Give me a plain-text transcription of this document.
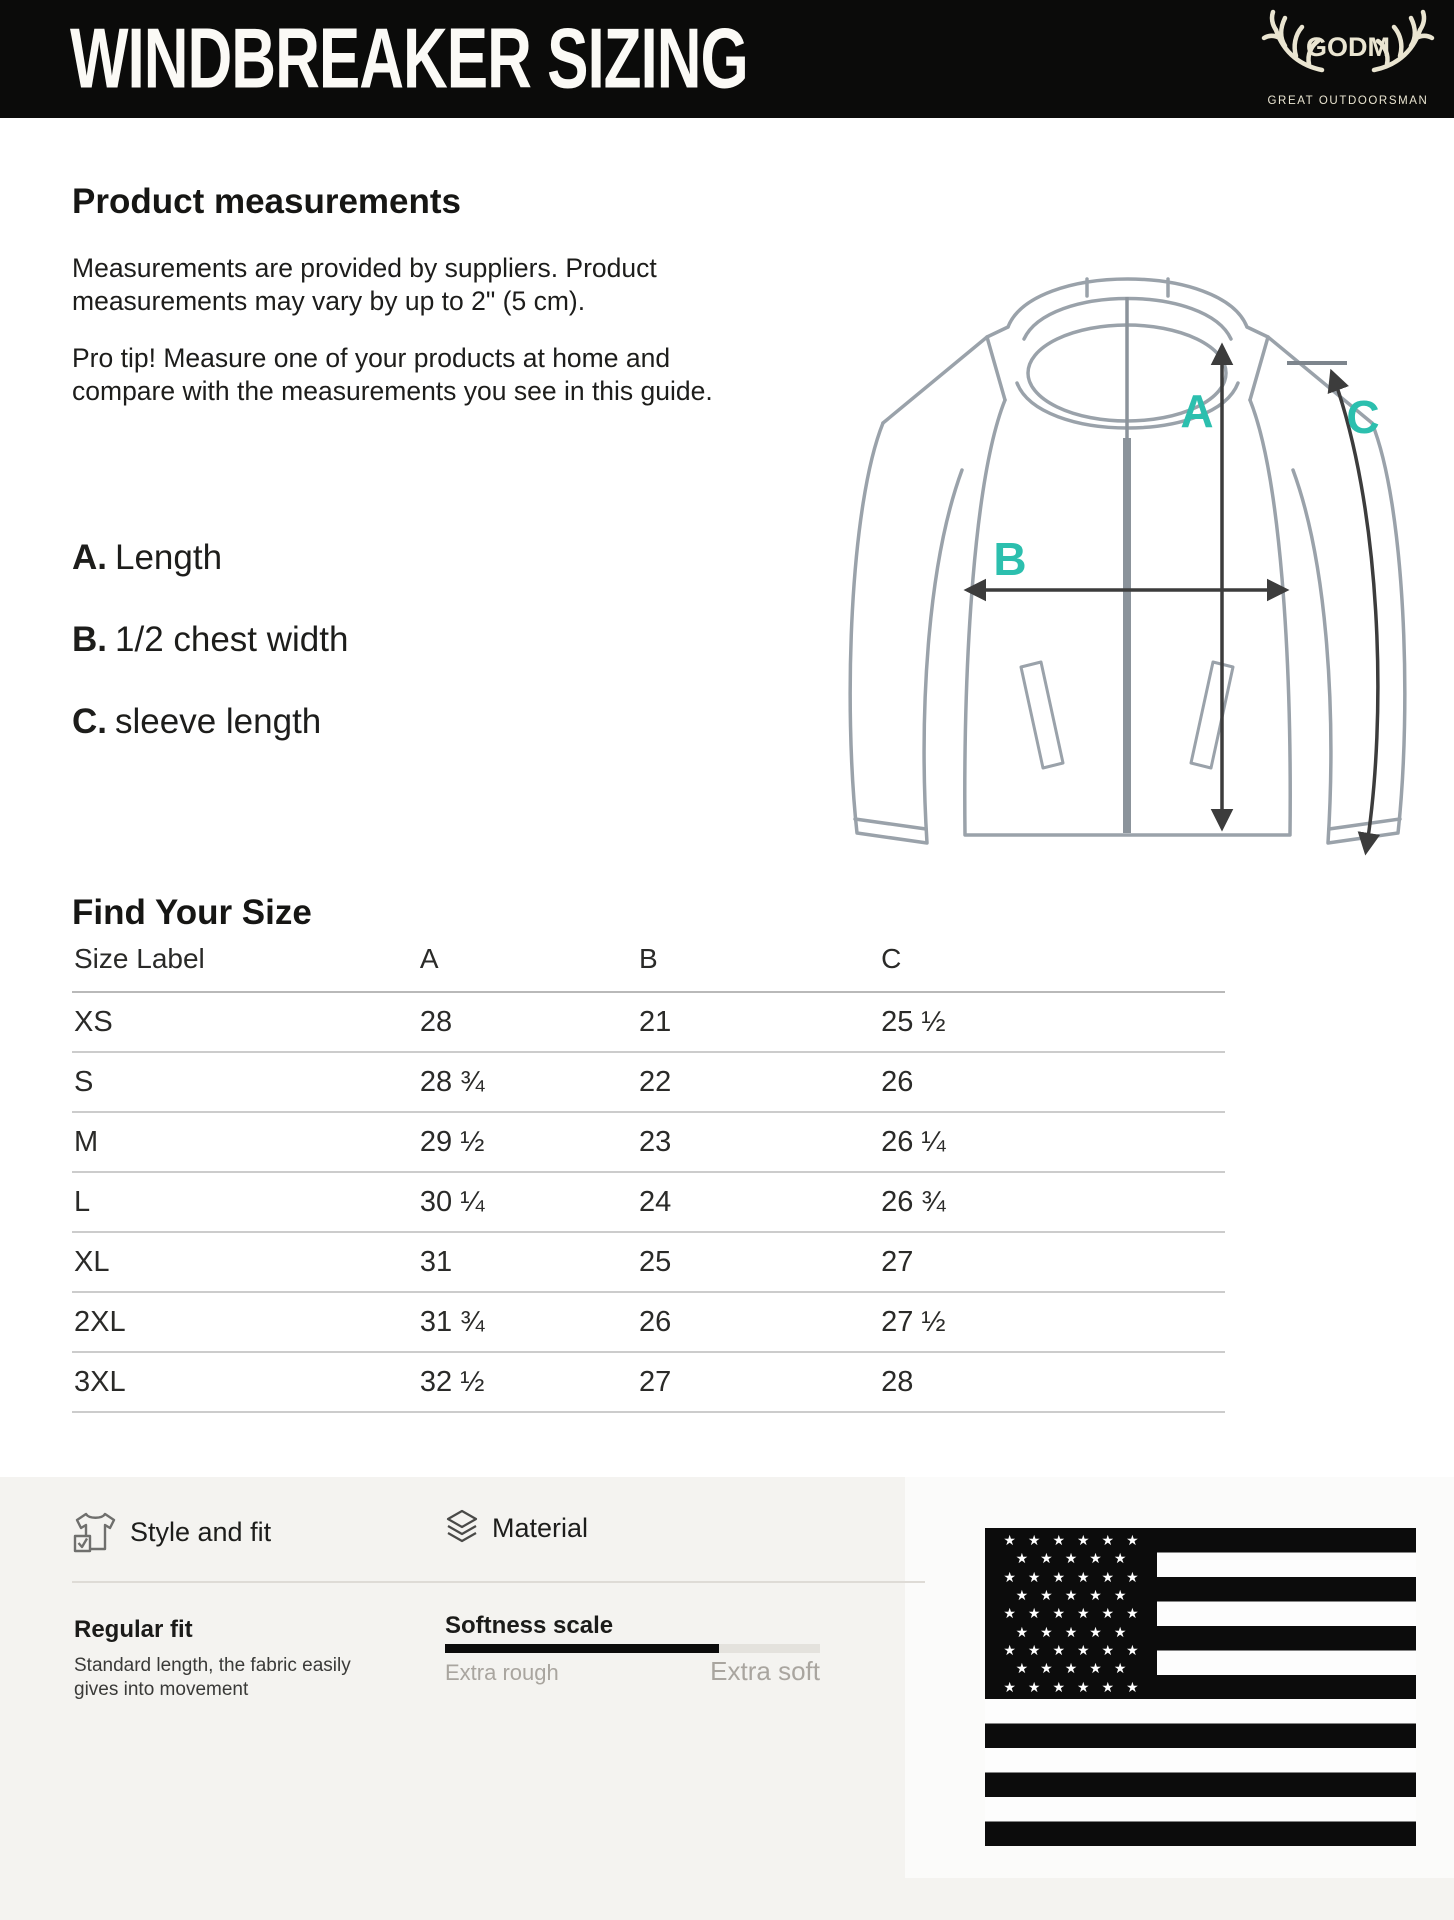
WINDBREAKER SIZING	GODM
GREAT OUTDOORSMAN
Product measurements
Measurements are provided by suppliers. Product measurements may vary by up to 2" (5 cm).
Pro tip! Measure one of your products at home and compare with the measurements you see in this guide.
A. Length
B. 1/2 chest width
C. sleeve length
A
B
C
Find Your Size
Size Label	A	B	C
XS	28	21	25 ½
S	28 ¾	22	26
M	29 ½	23	26 ¼
L	30 ¼	24	26 ¾
XL	31	25	27
2XL	31 ¾	26	27 ½
3XL	32 ½	27	28
★★★★★★
★★★★★
★★★★★★
★★★★★
★★★★★★
★★★★★
★★★★★★
★★★★★
★★★★★★
Style and fit	Material
Regular fit
Standard length, the fabric easily gives into movement
Softness scale
Extra rough	Extra soft
